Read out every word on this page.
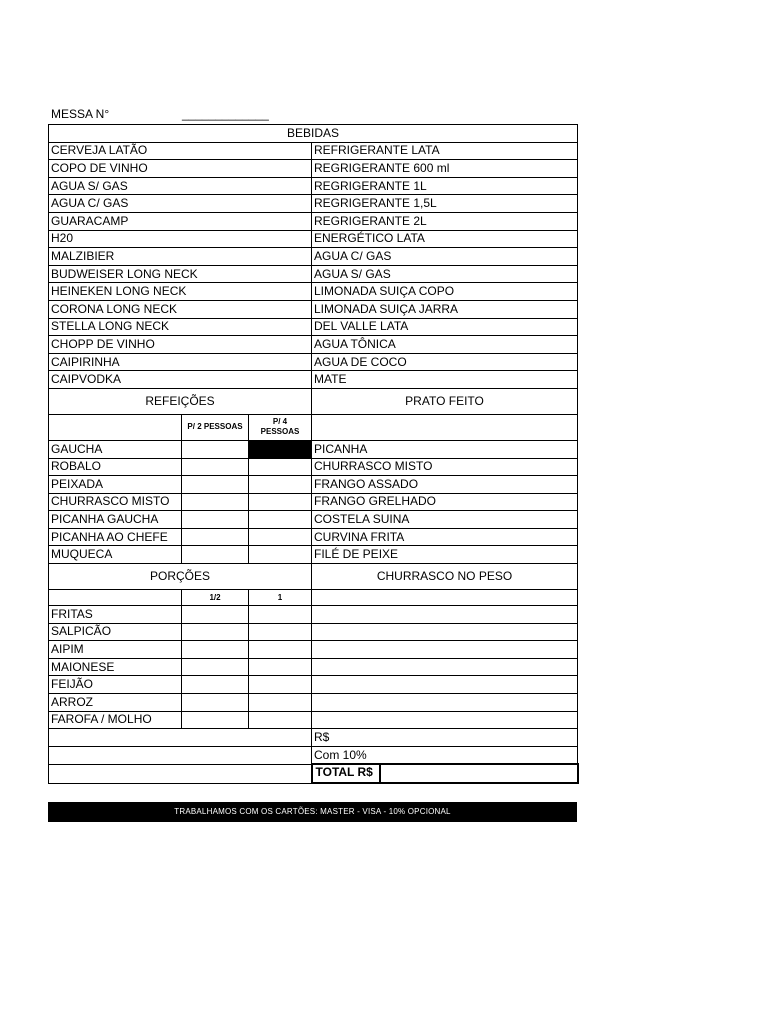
MESSA N°	_____________
BEBIDAS			
CERVEJA LATÃO			REFRIGERANTE LATA
COPO DE VINHO			REGRIGERANTE 600 ml
AGUA S/ GAS			REGRIGERANTE 1L
AGUA C/ GAS			REGRIGERANTE 1,5L
GUARACAMP			REGRIGERANTE 2L
H20			ENERGÉTICO LATA
MALZIBIER			AGUA C/ GAS
BUDWEISER LONG NECK			AGUA S/ GAS
HEINEKEN LONG NECK			LIMONADA SUIÇA COPO
CORONA LONG NECK			LIMONADA SUIÇA JARRA
STELLA LONG NECK			DEL VALLE LATA
CHOPP DE VINHO			AGUA TÔNICA
CAIPIRINHA			AGUA DE COCO
CAIPVODKA			MATE
REFEIÇÕES			PRATO FEITO
	P/ 2 PESSOAS	P/ 4
PESSOAS	

GAUCHA			PICANHA
ROBALO			CHURRASCO MISTO
PEIXADA			FRANGO ASSADO
CHURRASCO MISTO			FRANGO GRELHADO
PICANHA GAUCHA			COSTELA SUINA
PICANHA AO CHEFE			CURVINA FRITA
MUQUECA			FILÉ DE PEIXE
PORÇÕES			CHURRASCO NO PESO
	1/2	1	
FRITAS			
SALPICÃO			
AIPIM			
MAIONESE			
FEIJÃO			
ARROZ			
FAROFA / MOLHO			
			R$
			Com 10%

			TOTAL R$
TRABALHAMOS COM OS CARTÕES: MASTER - VISA - 10% OPCIONAL
